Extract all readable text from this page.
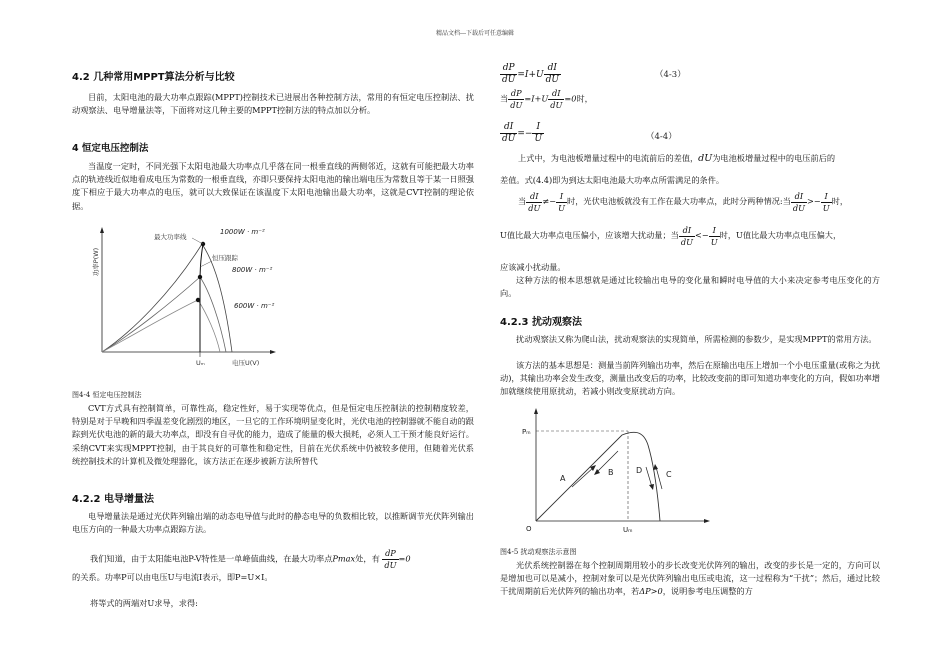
精品文档---下载后可任意编辑
4.2 几种常用MPPT算法分析与比较
目前，太阳电池的最大功率点跟踪(MPPT)控制技术已进展出各种控制方法，常用的有恒定电压控制法、扰动观察法、电导增量法等，下面将对这几种主要的MPPT控制方法的特点加以分析。
4 恒定电压控制法
当温度一定时，不同光强下太阳电池最大功率点几乎落在同一根垂直线的两侧邻近，这就有可能把最大功率点的轨迹线近似地看成电压为常数的一根垂直线，亦即只要保持太阳电池的输出端电压为常数且等于某一日照强度下相应于最大功率点的电压，就可以大致保证在该温度下太阳电池输出最大功率，这就是CVT控制的理论依据。
功率P(W)
电压U(V)
Uₘ
最大功率线
恒压跟踪
1000W · m⁻²
800W · m⁻²
600W · m⁻²
图4-4 恒定电压控制法
CVT方式具有控制简单，可靠性高，稳定性好，易于实现等优点，但是恒定电压控制法的控制精度较差，特别是对于早晚和四季温差变化剧烈的地区，一旦它的工作环境明显变化时，光伏电池的控制器就不能自动的跟踪到光伏电池的新的最大功率点，即没有自寻优的能力，造成了能量的极大损耗，必须人工干预才能良好运行。采纳CVT来实现MPPT控制，由于其良好的可靠性和稳定性，目前在光伏系统中仍被较多使用，但随着光伏系统控制技术的计算机及微处理器化，该方法正在逐步被新方法所替代
4.2.2 电导增量法
电导增量法是通过光伏阵列输出端的动态电导值与此时的静态电导的负数相比较，以推断调节光伏阵列输出电压方向的一种最大功率点跟踪方法。
我们知道，由于太阳能电池P-V特性是一单峰值曲线，在最大功率点Pmax处，有 $\frac{dP}{dU} =0$
的关系。功率P可以由电压U与电流I表示，即P=U×I。
将等式的两端对U求导，求得:
$\frac{dP}{dU} =I+U \frac{dI}{dU}$	（4-3）
当 $\frac{dP}{dU} =I+U \frac{dI}{dU} =0$时，
$\frac{dI}{dU} =- \frac{I}{U}$	（4-4）
上式中，为电池板增量过程中的电流前后的差值，dU为电池板增量过程中的电压前后的
差值。式(4.4)即为到达太阳电池最大功率点所需满足的条件。
当 $\frac{dI}{dU} \ne- \frac{I}{U}$ 时，光伏电池板就没有工作在最大功率点，此时分两种情况:当 $\frac{dI}{dU} >- \frac{I}{U}$ 时，
U值比最大功率点电压偏小，应该增大扰动量；当 $\frac{dI}{dU} <- \frac{I}{U}$ 时，U值比最大功率点电压偏大，
应该减小扰动量。
这种方法的根本思想就是通过比较输出电导的变化量和瞬时电导值的大小来决定参考电压变化的方向。
4.2.3 扰动观察法
扰动观察法又称为爬山法，扰动观察法的实现简单，所需检测的参数少，是实现MPPT的常用方法。
该方法的基本思想是：测量当前阵列输出功率，然后在原输出电压上增加一个小电压重量(或称之为扰动)，其输出功率会发生改变，测量出改变后的功率，比较改变前的即可知道功率变化的方向，假如功率增加就继续使用原扰动，若减小则改变原扰动方向。
Pₘ
Uₘ
O
A
B	D	C
图4-5 扰动观察法示意图
光伏系统控制器在每个控制周期用较小的步长改变光伏阵列的输出，改变的步长是一定的，方向可以是增加也可以是减小，控制对象可以是光伏阵列输出电压或电流，这一过程称为“干扰”；然后，通过比较干扰周期前后光伏阵列的输出功率，若ΔP>0，说明参考电压调整的方
